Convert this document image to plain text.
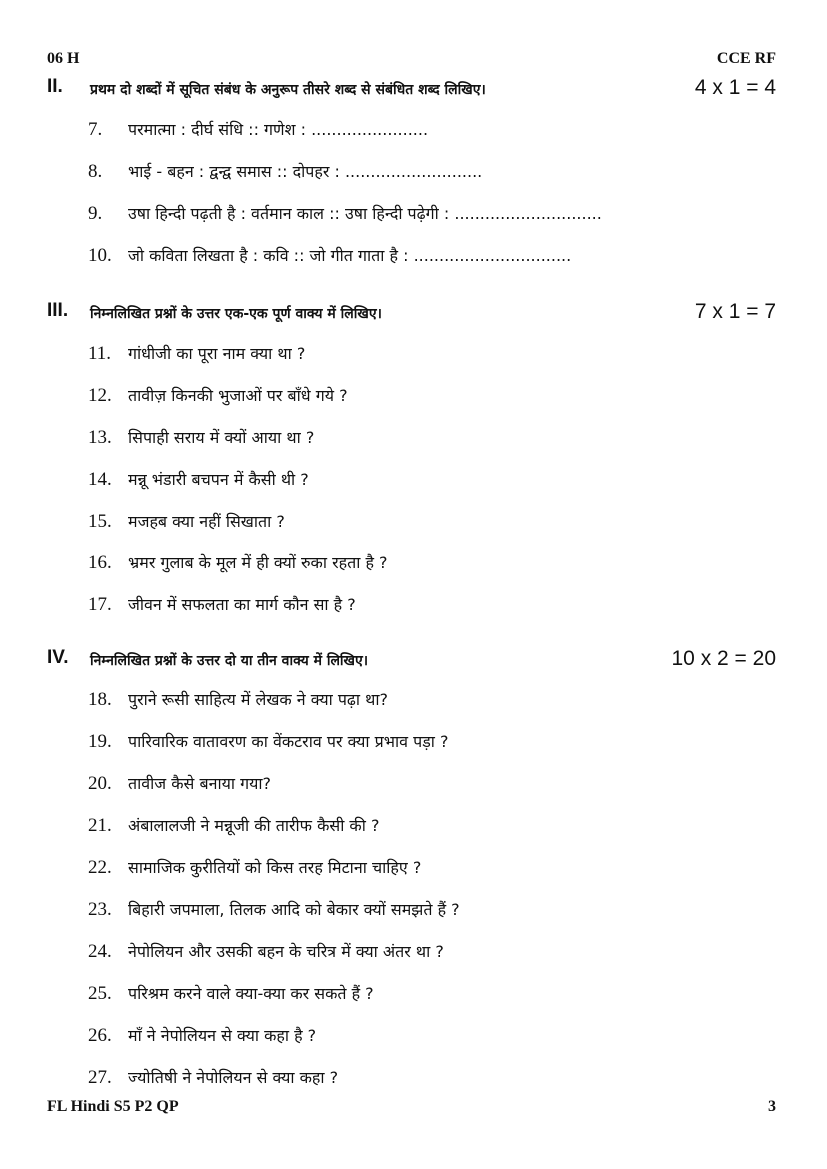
06 H	CCE RF
II. प्रथम दो शब्दों में सूचित संबंध के अनुरूप तीसरे शब्द से संबंधित शब्द लिखिए।	4 x 1 = 4
7.	परमात्मा : दीर्घ संधि :: गणेश : .......................
8.	भाई - बहन : द्वन्द्व समास :: दोपहर : ...........................
9.	उषा हिन्दी पढ़ती है : वर्तमान काल :: उषा हिन्दी पढ़ेगी : .............................
10.	जो कविता लिखता है : कवि :: जो गीत गाता है : ...............................
III. निम्नलिखित प्रश्नों के उत्तर एक-एक पूर्ण वाक्य में लिखिए।	7 x 1 = 7
11.	गांधीजी का पूरा नाम क्या था ?
12.	तावीज़ किनकी भुजाओं पर बाँधे गये ?
13.	सिपाही सराय में क्यों आया था ?
14.	मन्नू भंडारी बचपन में कैसी थी ?
15.	मजहब क्या नहीं सिखाता ?
16.	भ्रमर गुलाब के मूल में ही क्यों रुका रहता है ?
17.	जीवन में सफलता का मार्ग कौन सा है ?
IV. निम्नलिखित प्रश्नों के उत्तर दो या तीन वाक्य में लिखिए।	10 x 2 = 20
18.	पुराने रूसी साहित्य में लेखक ने क्या पढ़ा था?
19.	पारिवारिक वातावरण का वेंकटराव पर क्या प्रभाव पड़ा ?
20.	तावीज कैसे बनाया गया?
21.	अंबालालजी ने मन्नूजी की तारीफ कैसी की ?
22.	सामाजिक कुरीतियों को किस तरह मिटाना चाहिए ?
23.	बिहारी जपमाला, तिलक आदि को बेकार क्यों समझते हैं ?
24.	नेपोलियन और उसकी बहन के चरित्र में क्या अंतर था ?
25.	परिश्रम करने वाले क्या-क्या कर सकते हैं ?
26.	माँ ने नेपोलियन से क्या कहा है ?
27.	ज्योतिषी ने नेपोलियन से क्या कहा ?
FL Hindi S5 P2 QP	3
